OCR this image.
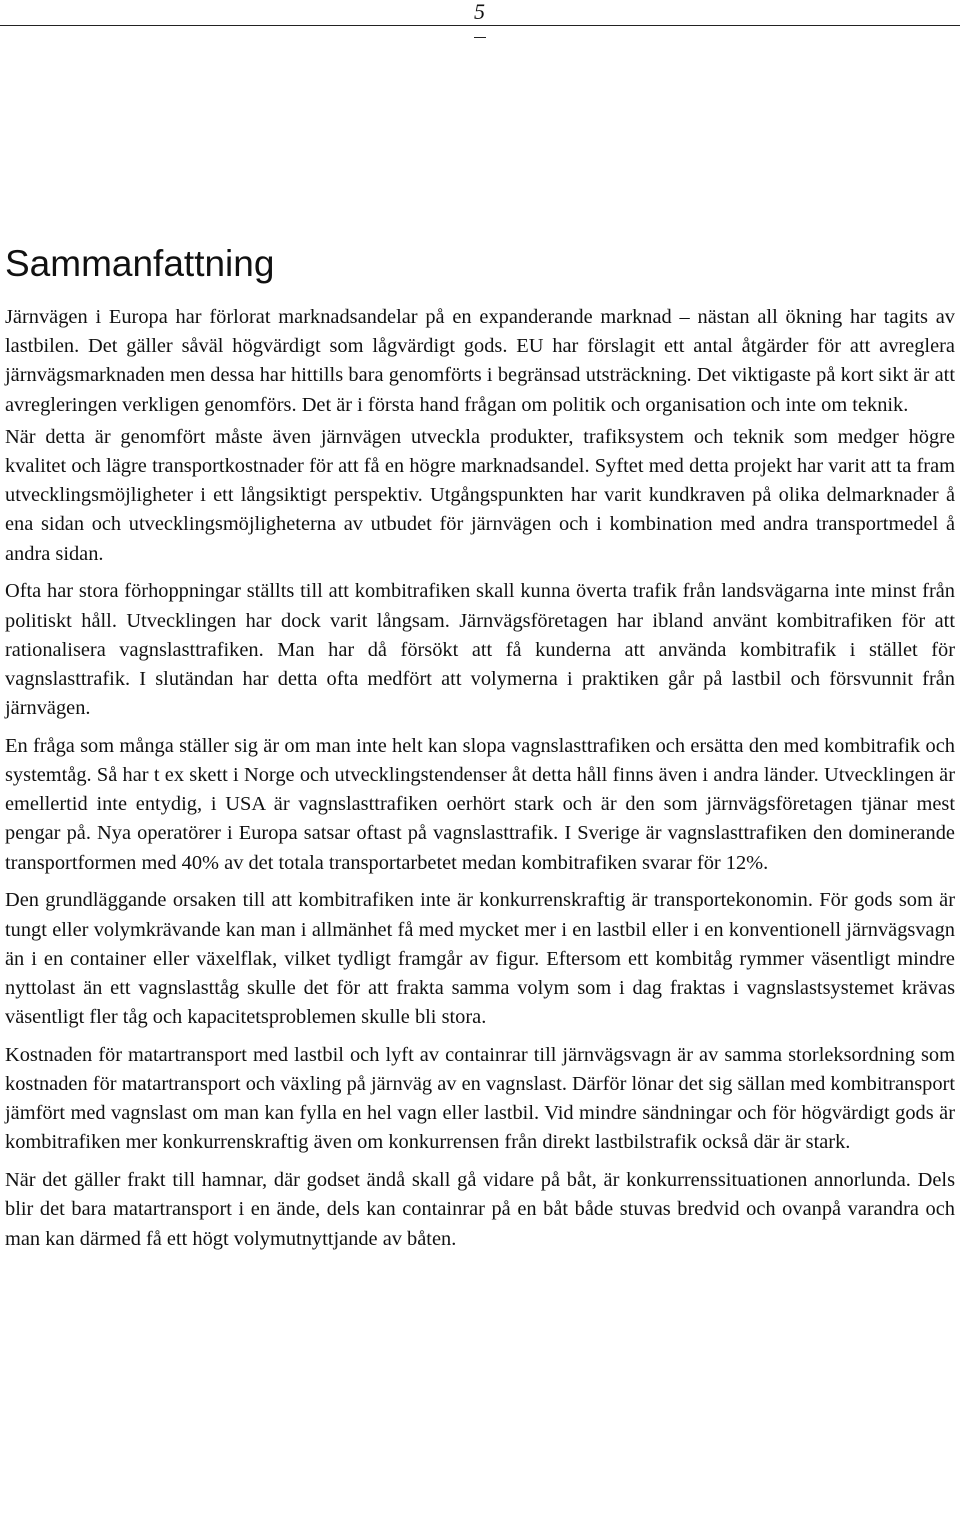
5
Sammanfattning

Järnvägen i Europa har förlorat marknadsandelar på en expanderande marknad – nästan all ökning har tagits av lastbilen. Det gäller såväl högvärdigt som lågvärdigt gods. EU har förslagit ett antal åtgärder för att avreglera järnvägsmarknaden men dessa har hittills bara genomförts i begränsad utsträckning. Det viktigaste på kort sikt är att avregleringen verkligen genomförs. Det är i första hand frågan om politik och organisation och inte om teknik.

När detta är genomfört måste även järnvägen utveckla produkter, trafiksystem och teknik som medger högre kvalitet och lägre transportkostnader för att få en högre marknadsandel. Syftet med detta projekt har varit att ta fram utvecklingsmöjligheter i ett långsiktigt perspektiv. Utgångspunkten har varit kundkraven på olika delmarknader å ena sidan och utvecklingsmöjligheterna av utbudet för järnvägen och i kombination med andra transportmedel å andra sidan.

Ofta har stora förhoppningar ställts till att kombitrafiken skall kunna överta trafik från landsvägarna inte minst från politiskt håll. Utvecklingen har dock varit långsam. Järnvägsföretagen har ibland använt kombitrafiken för att rationalisera vagnslasttrafiken. Man har då försökt att få kunderna att använda kombitrafik i stället för vagnslasttrafik. I slutändan har detta ofta medfört att volymerna i praktiken går på lastbil och försvunnit från järnvägen.

En fråga som många ställer sig är om man inte helt kan slopa vagnslasttrafiken och ersätta den med kombitrafik och systemtåg. Så har t ex skett i Norge och utvecklingstendenser åt detta håll finns även i andra länder. Utvecklingen är emellertid inte entydig, i USA är vagnslasttrafiken oerhört stark och är den som järnvägsföretagen tjänar mest pengar på. Nya operatörer i Europa satsar oftast på vagnslasttrafik. I Sverige är vagnslasttrafiken den dominerande transportformen med 40% av det totala transportarbetet medan kombitrafiken svarar för 12%.

Den grundläggande orsaken till att kombitrafiken inte är konkurrenskraftig är transportekonomin. För gods som är tungt eller volymkrävande kan man i allmänhet få med mycket mer i en lastbil eller i en konventionell järnvägsvagn än i en container eller växelflak, vilket tydligt framgår av figur. Eftersom ett kombitåg rymmer väsentligt mindre nyttolast än ett vagnslasttåg skulle det för att frakta samma volym som i dag fraktas i vagnslastsystemet krävas väsentligt fler tåg och kapacitetsproblemen skulle bli stora.

Kostnaden för matartransport med lastbil och lyft av containrar till järnvägsvagn är av samma storleksordning som kostnaden för matartransport och växling på järnväg av en vagnslast. Därför lönar det sig sällan med kombitransport jämfört med vagnslast om man kan fylla en hel vagn eller lastbil. Vid mindre sändningar och för högvärdigt gods är kombitrafiken mer konkurrenskraftig även om konkurrensen från direkt lastbilstrafik också där är stark.

När det gäller frakt till hamnar, där godset ändå skall gå vidare på båt, är konkurrenssituationen annorlunda. Dels blir det bara matartransport i en ände, dels kan containrar på en båt både stuvas bredvid och ovanpå varandra och man kan därmed få ett högt volymutnyttjande av båten.
